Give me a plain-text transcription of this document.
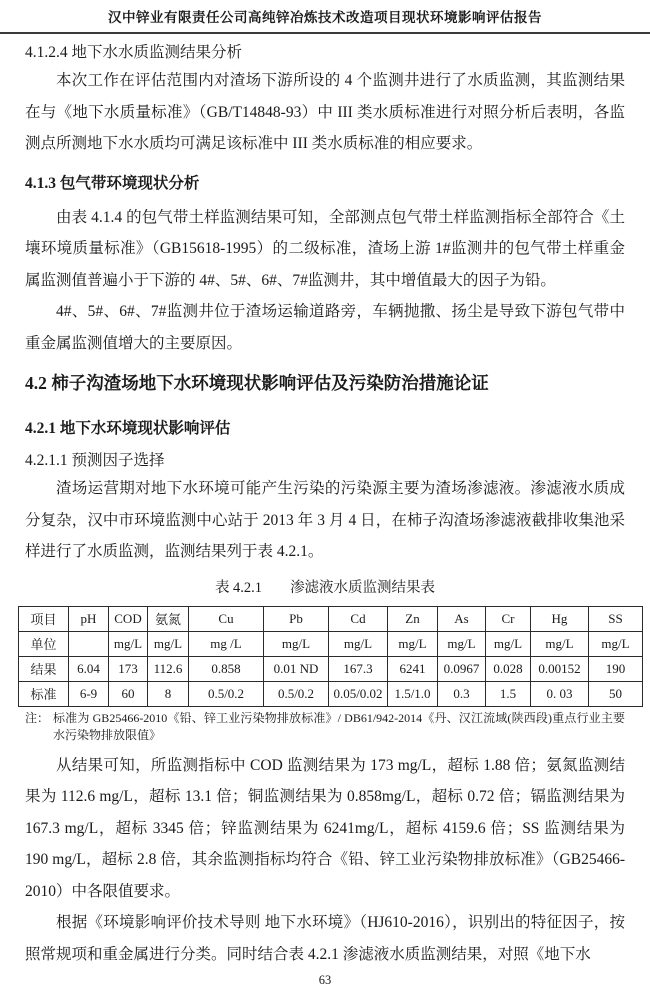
汉中锌业有限责任公司高纯锌冶炼技术改造项目现状环境影响评估报告
4.1.2.4 地下水水质监测结果分析

本次工作在评估范围内对渣场下游所设的 4 个监测井进行了水质监测，其监测结果在与《地下水质量标准》（GB/T14848-93）中 III 类水质标准进行对照分析后表明，各监测点所测地下水水质均可满足该标准中 III 类水质标准的相应要求。

4.1.3 包气带环境现状分析

由表 4.1.4 的包气带土样监测结果可知，全部测点包气带土样监测指标全部符合《土壤环境质量标准》（GB15618-1995）的二级标准，渣场上游 1#监测井的包气带土样重金属监测值普遍小于下游的 4#、5#、6#、7#监测井，其中增值最大的因子为铅。

4#、5#、6#、7#监测井位于渣场运输道路旁，车辆抛撒、扬尘是导致下游包气带中重金属监测值增大的主要原因。

4.2 柿子沟渣场地下水环境现状影响评估及污染防治措施论证
4.2.1 地下水环境现状影响评估
4.2.1.1 预测因子选择

渣场运营期对地下水环境可能产生污染的污染源主要为渣场渗滤液。渗滤液水质成分复杂，汉中市环境监测中心站于 2013 年 3 月 4 日，在柿子沟渣场渗滤液截排收集池采样进行了水质监测，监测结果列于表 4.2.1。

表 4.2.1 渗滤液水质监测结果表
项目	pH	COD	氨氮	Cu	Pb	Cd	Zn	As	Cr	Hg	SS
单位		mg/L	mg/L	mg /L	mg/L	mg/L	mg/L	mg/L	mg/L	mg/L	mg/L
结果	6.04	173	112.6	0.858	0.01 ND	167.3	6241	0.0967	0.028	0.00152	190
标准	6-9	60	8	0.5/0.2	0.5/0.2	0.05/0.02	1.5/1.0	0.3	1.5	0. 03	50
注： 标准为 GB25466-2010《铅、锌工业污染物排放标准》/ DB61/942-2014《丹、汉江流域(陕西段)重点行业主要水污染物排放限值》

从结果可知，所监测指标中 COD 监测结果为 173 mg/L，超标 1.88 倍；氨氮监测结果为 112.6 mg/L，超标 13.1 倍；铜监测结果为 0.858mg/L，超标 0.72 倍；镉监测结果为 167.3 mg/L，超标 3345 倍；锌监测结果为 6241mg/L，超标 4159.6 倍；SS 监测结果为 190 mg/L，超标 2.8 倍，其余监测指标均符合《铅、锌工业污染物排放标准》（GB25466-2010）中各限值要求。

根据《环境影响评价技术导则 地下水环境》（HJ610-2016），识别出的特征因子，按照常规项和重金属进行分类。同时结合表 4.2.1 渗滤液水质监测结果，对照《地下水

63
